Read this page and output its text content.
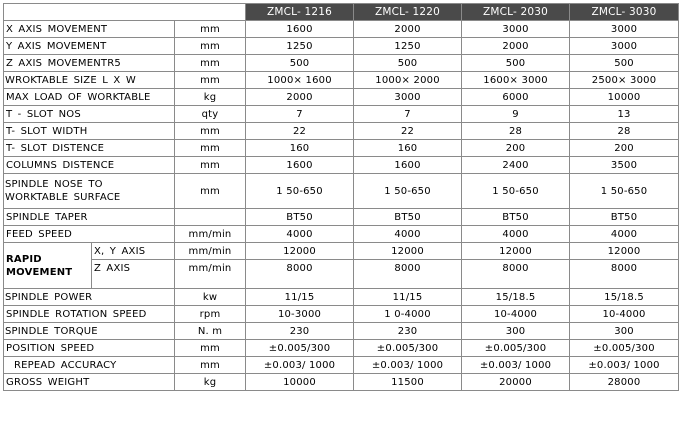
			ZMCL- 1216	ZMCL- 1220	ZMCL- 2030	ZMCL- 3030
X AXIS MOVEMENT		mm	1600	2000	3000	3000
Y AXIS MOVEMENT		mm	1250	1250	2000	3000
Z AXIS MOVEMENTR5		mm	500	500	500	500
WROKTABLE SIZE L X W		mm	1000× 1600	1000× 2000	1600× 3000	2500× 3000
MAX LOAD OF WORKTABLE		kg	2000	3000	6000	10000
T - SLOT NOS		qty	7	7	9	13
T- SLOT WIDTH		mm	22	22	28	28
T- SLOT DISTENCE		mm	160	160	200	200
COLUMNS DISTENCE		mm	1600	1600	2400	3500
SPINDLE NOSE TO
WORKTABLE SURFACE		mm	1 50-650	1 50-650	1 50-650	1 50-650
SPINDLE TAPER			BT50	BT50	BT50	BT50
FEED SPEED		mm/min	4000	4000	4000	4000
RAPID
MOVEMENT	X, Y AXIS	mm/min	12000	12000	12000	12000
	Z AXIS	mm/min	8000	8000	8000	8000
SPINDLE POWER		kw	11/15	11/15	15/18.5	15/18.5
SPINDLE ROTATION SPEED		rpm	10-3000	1 0-4000	10-4000	10-4000
SPINDLE TORQUE		N. m	230	230	300	300
POSITION SPEED		mm	±0.005/300	±0.005/300	±0.005/300	±0.005/300
REPEAD ACCURACY		mm	±0.003/ 1000	±0.003/ 1000	±0.003/ 1000	±0.003/ 1000
GROSS WEIGHT		kg	10000	11500	20000	28000
